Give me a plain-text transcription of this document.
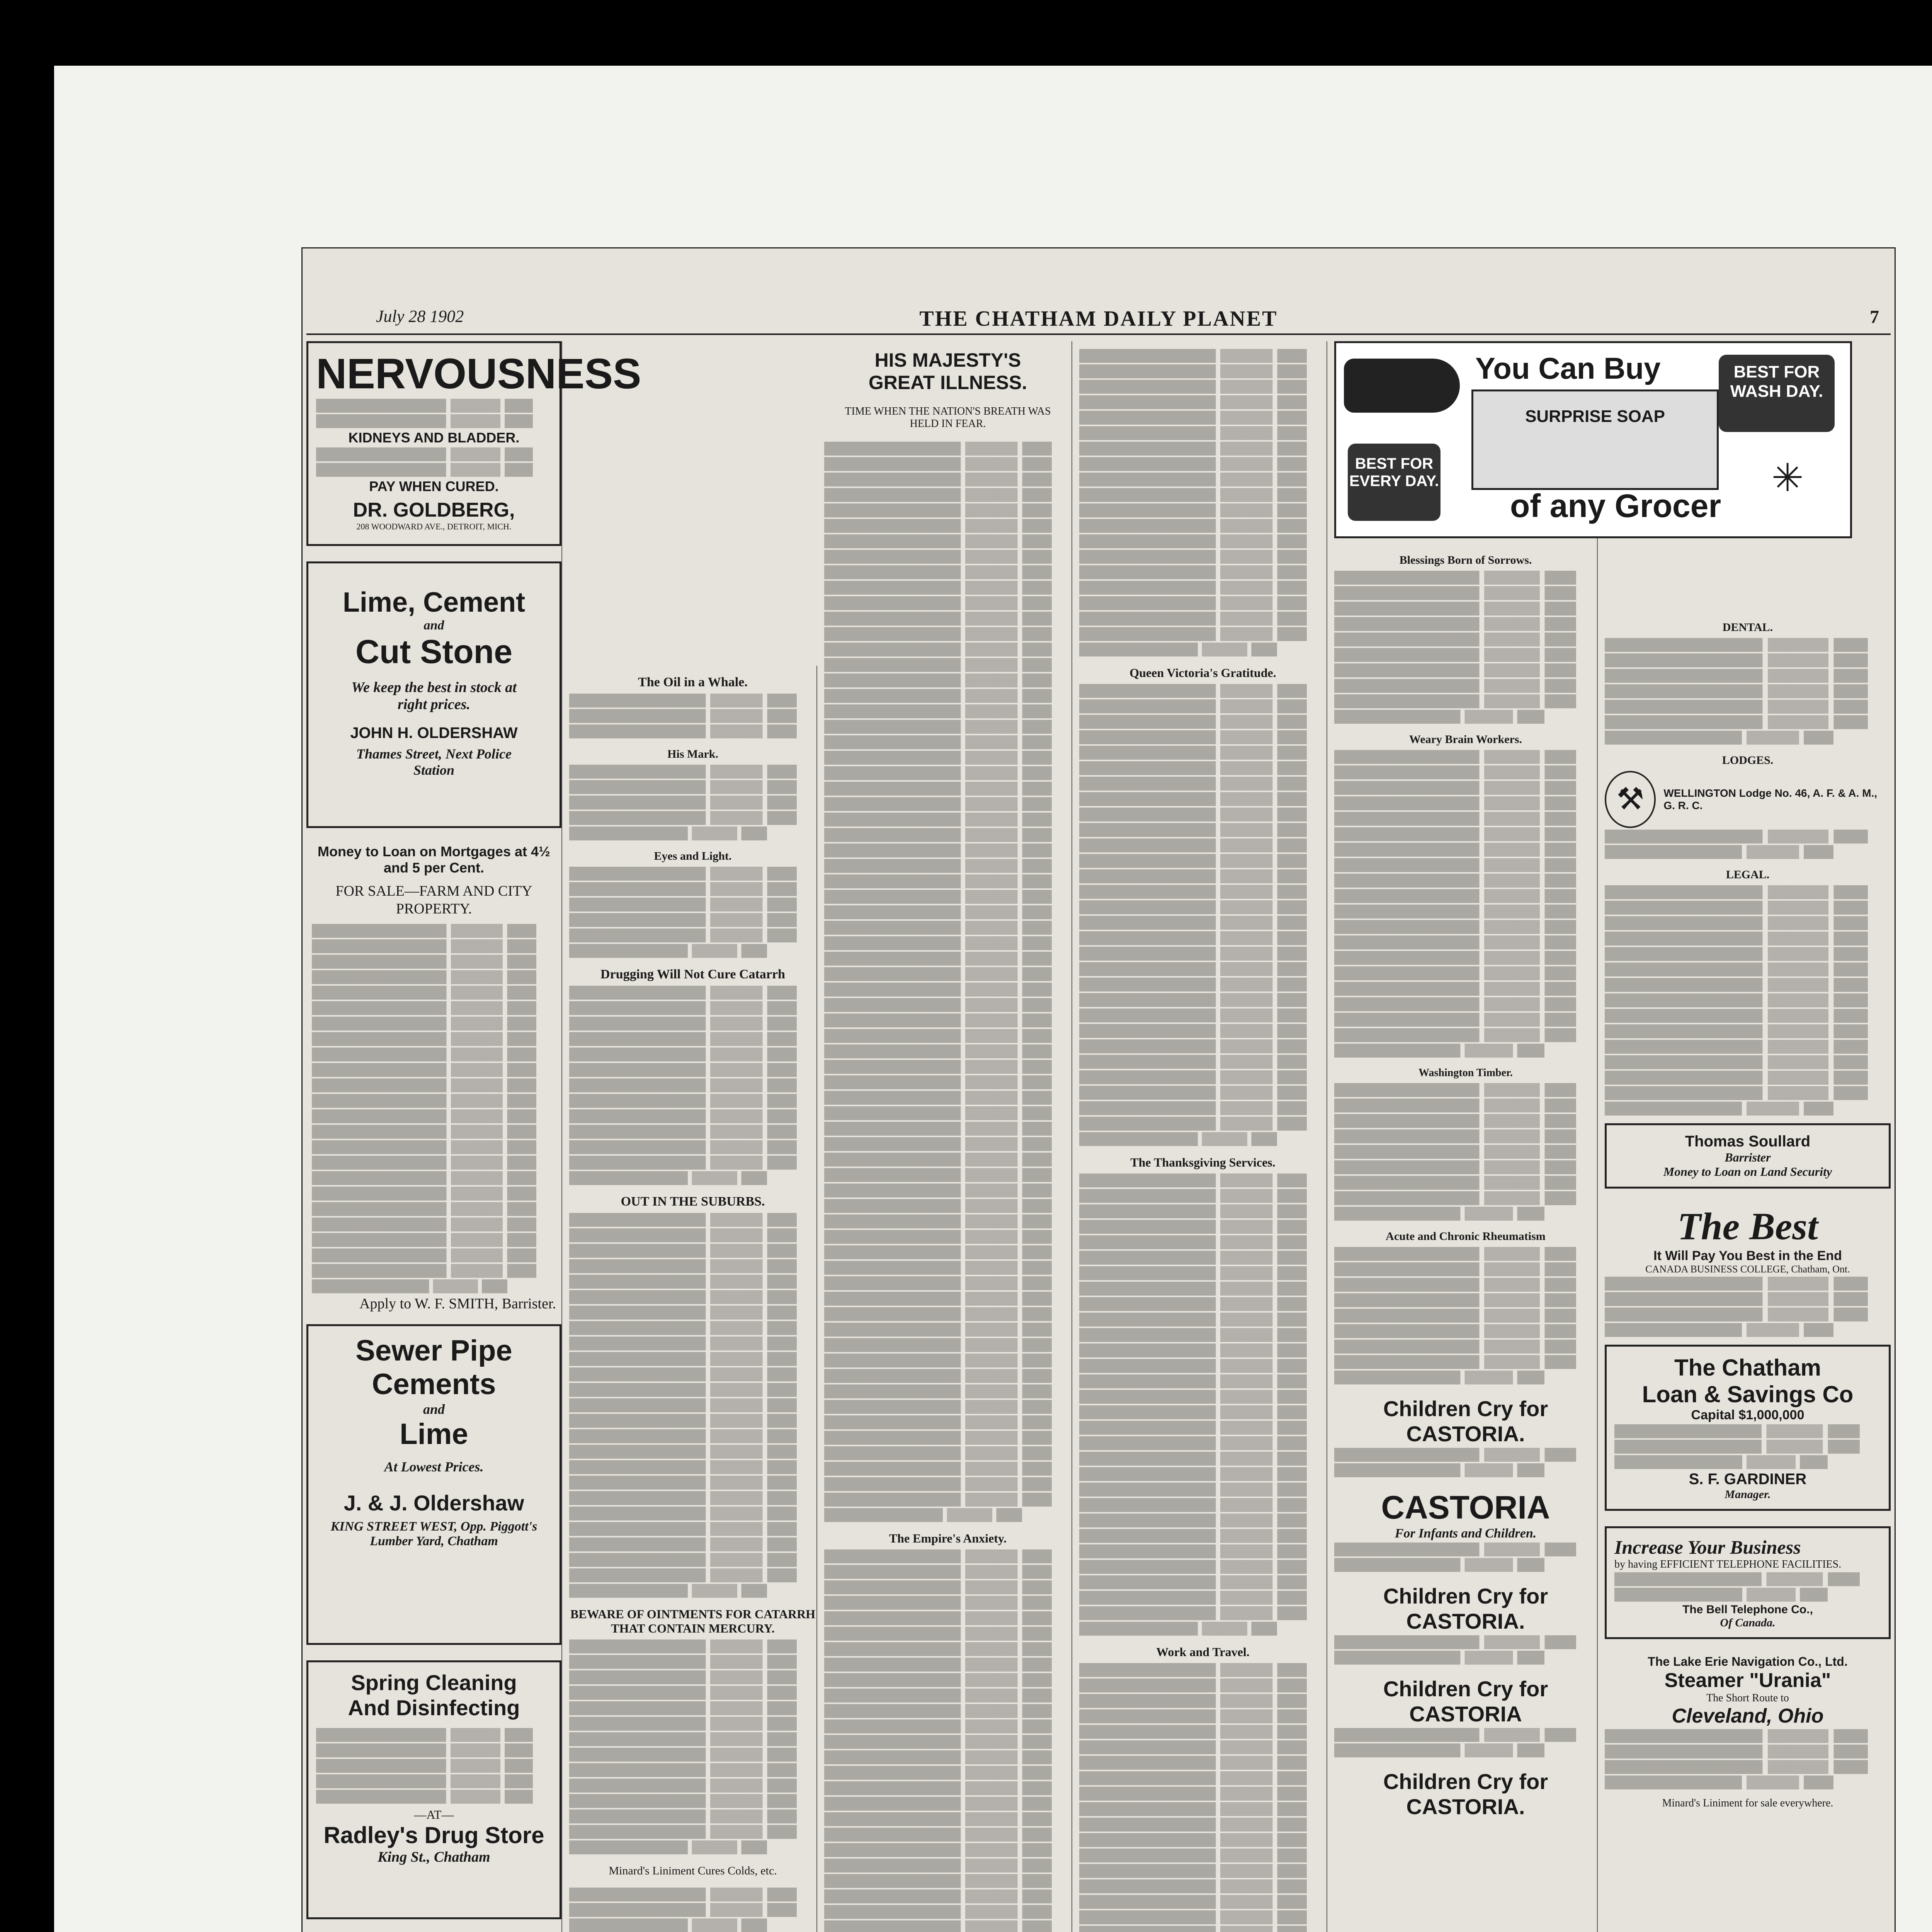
July 28 1902	THE CHATHAM DAILY PLANET	7
NERVOUSNESS
KIDNEYS AND BLADDER.
PAY WHEN CURED.
DR. GOLDBERG,
208 WOODWARD AVE., DETROIT, MICH.
Lime, Cement
and
Cut Stone
We keep the best in stock at right prices.
JOHN H. OLDERSHAW
Thames Street, Next Police Station
Money to Loan on Mortgages at 4½ and 5 per Cent.
FOR SALE—FARM AND CITY PROPERTY.
Apply to W. F. SMITH, Barrister.
Sewer Pipe
Cements
and
Lime
At Lowest Prices.
J. & J. Oldershaw
KING STREET WEST, Opp. Piggott's Lumber Yard, Chatham
Spring Cleaning
And Disinfecting
—AT—
Radley's Drug Store
King St., Chatham
The Oil in a Whale.
His Mark.
Eyes and Light.
Drugging Will Not Cure Catarrh
OUT IN THE SUBURBS.
BEWARE OF OINTMENTS FOR CATARRH THAT CONTAIN MERCURY.
Minard's Liniment Cures Colds, etc.
HIS MAJESTY'S
GREAT ILLNESS.
TIME WHEN THE NATION'S BREATH WAS HELD IN FEAR.
The Empire's Anxiety.
Queen Victoria's Gratitude.
The Thanksgiving Services.
Work and Travel.
You Can Buy
SURPRISE SOAP
BEST FOR WASH DAY.
BEST FOR EVERY DAY.	✳
of any Grocer
Blessings Born of Sorrows.
Weary Brain Workers.
Washington Timber.
Acute and Chronic Rheumatism
Children Cry for CASTORIA.
CASTORIA
For Infants and Children.
Children Cry for CASTORIA.
Children Cry for CASTORIA
Children Cry for CASTORIA.
DENTAL.
LODGES.
⚒	WELLINGTON Lodge No. 46, A. F. & A. M., G. R. C.
LEGAL.
Thomas Soullard
Barrister
Money to Loan on Land Security
The Best
It Will Pay You Best in the End
CANADA BUSINESS COLLEGE, Chatham, Ont.
The Chatham
Loan & Savings Co
Capital $1,000,000
S. F. GARDINER
Manager.
Increase Your Business
by having EFFICIENT TELEPHONE FACILITIES.
The Bell Telephone Co.,
Of Canada.
The Lake Erie Navigation Co., Ltd.
Steamer "Urania"
The Short Route to
Cleveland, Ohio
Minard's Liniment for sale everywhere.
